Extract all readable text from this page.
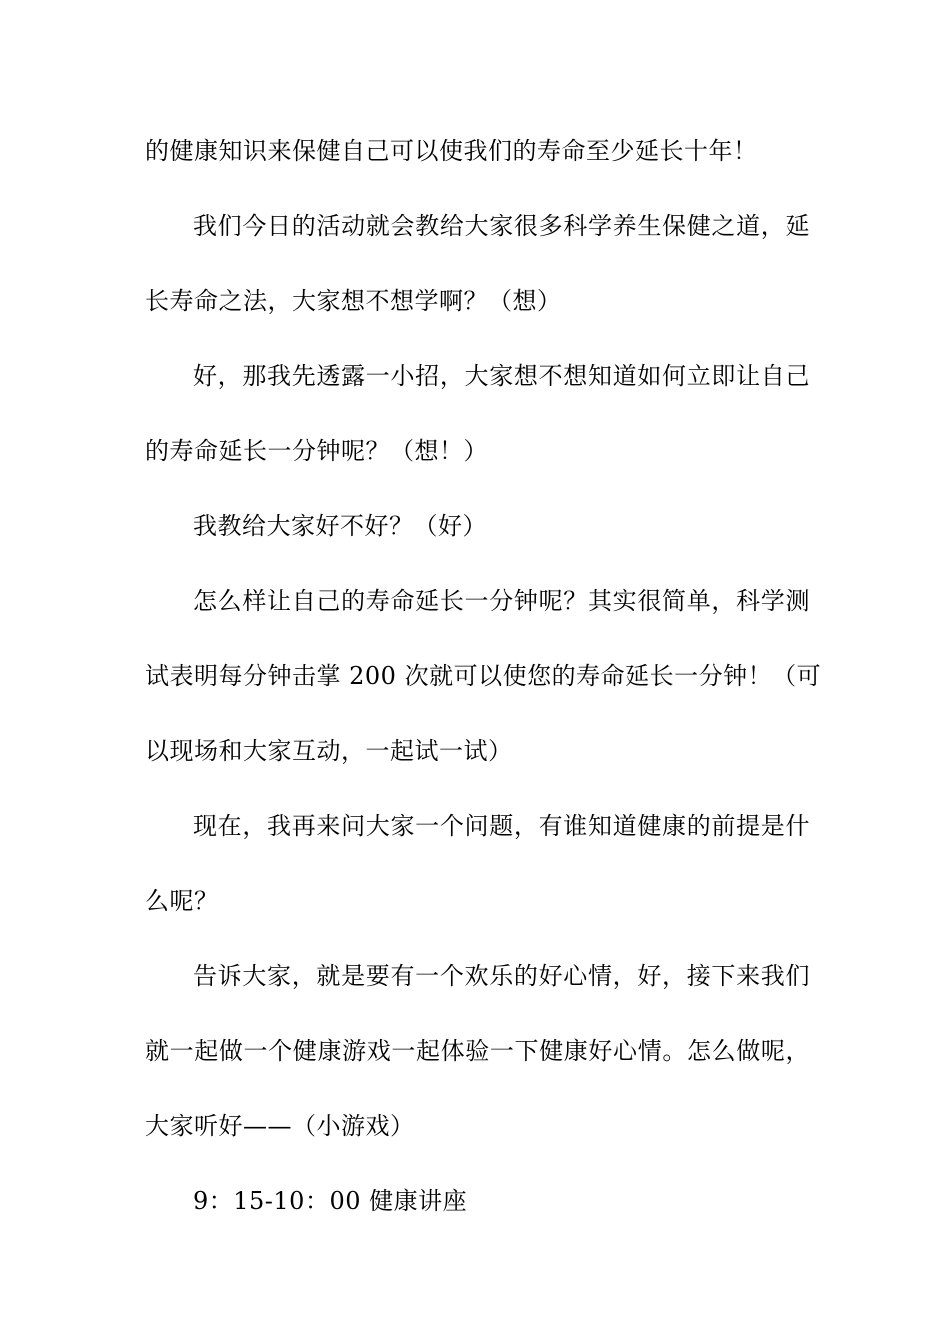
的健康知识来保健自己可以使我们的寿命至少延长十年！
我们今日的活动就会教给大家很多科学养生保健之道，延
长寿命之法，大家想不想学啊？（想）
好，那我先透露一小招，大家想不想知道如何立即让自己
的寿命延长一分钟呢？（想！）
我教给大家好不好？（好）
怎么样让自己的寿命延长一分钟呢？其实很简单，科学测
试表明每分钟击掌 200 次就可以使您的寿命延长一分钟！（可
以现场和大家互动，一起试一试）
现在，我再来问大家一个问题，有谁知道健康的前提是什
么呢？
告诉大家，就是要有一个欢乐的好心情，好，接下来我们
就一起做一个健康游戏一起体验一下健康好心情。怎么做呢，
大家听好——（小游戏）
9：15-10：00 健康讲座
